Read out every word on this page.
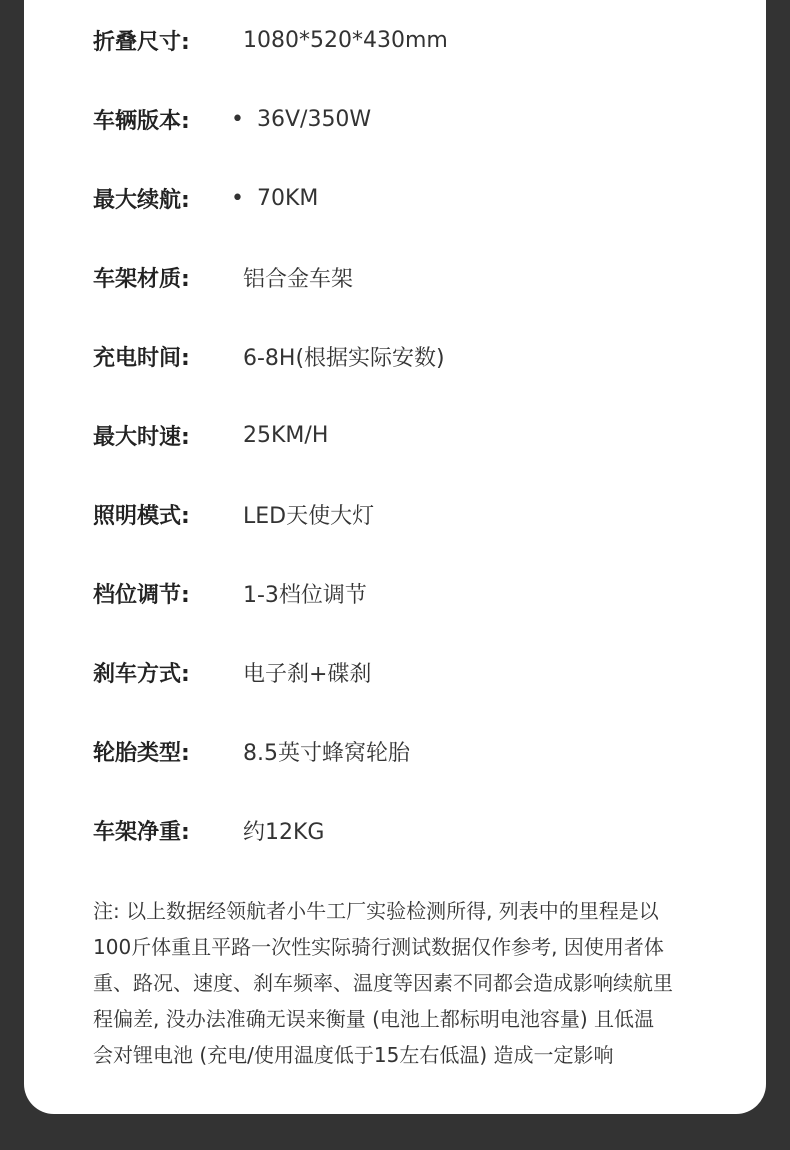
折叠尺寸:	1080*520*430mm
车辆版本:	• 36V/350W
最大续航:	• 70KM
车架材质:	铝合金车架
充电时间:	6-8H(根据实际安数)
最大时速:	25KM/H
照明模式:	LED天使大灯
档位调节:	1-3档位调节
刹车方式:	电子刹+碟刹
轮胎类型:	8.5英寸蜂窝轮胎
车架净重:	约12KG
注: 以上数据经领航者小牛工厂实验检测所得, 列表中的里程是以
100斤体重且平路一次性实际骑行测试数据仅作参考, 因使用者体
重、路况、速度、刹车频率、温度等因素不同都会造成影响续航里
程偏差, 没办法准确无误来衡量 (电池上都标明电池容量) 且低温
会对锂电池 (充电/使用温度低于15左右低温) 造成一定影响
